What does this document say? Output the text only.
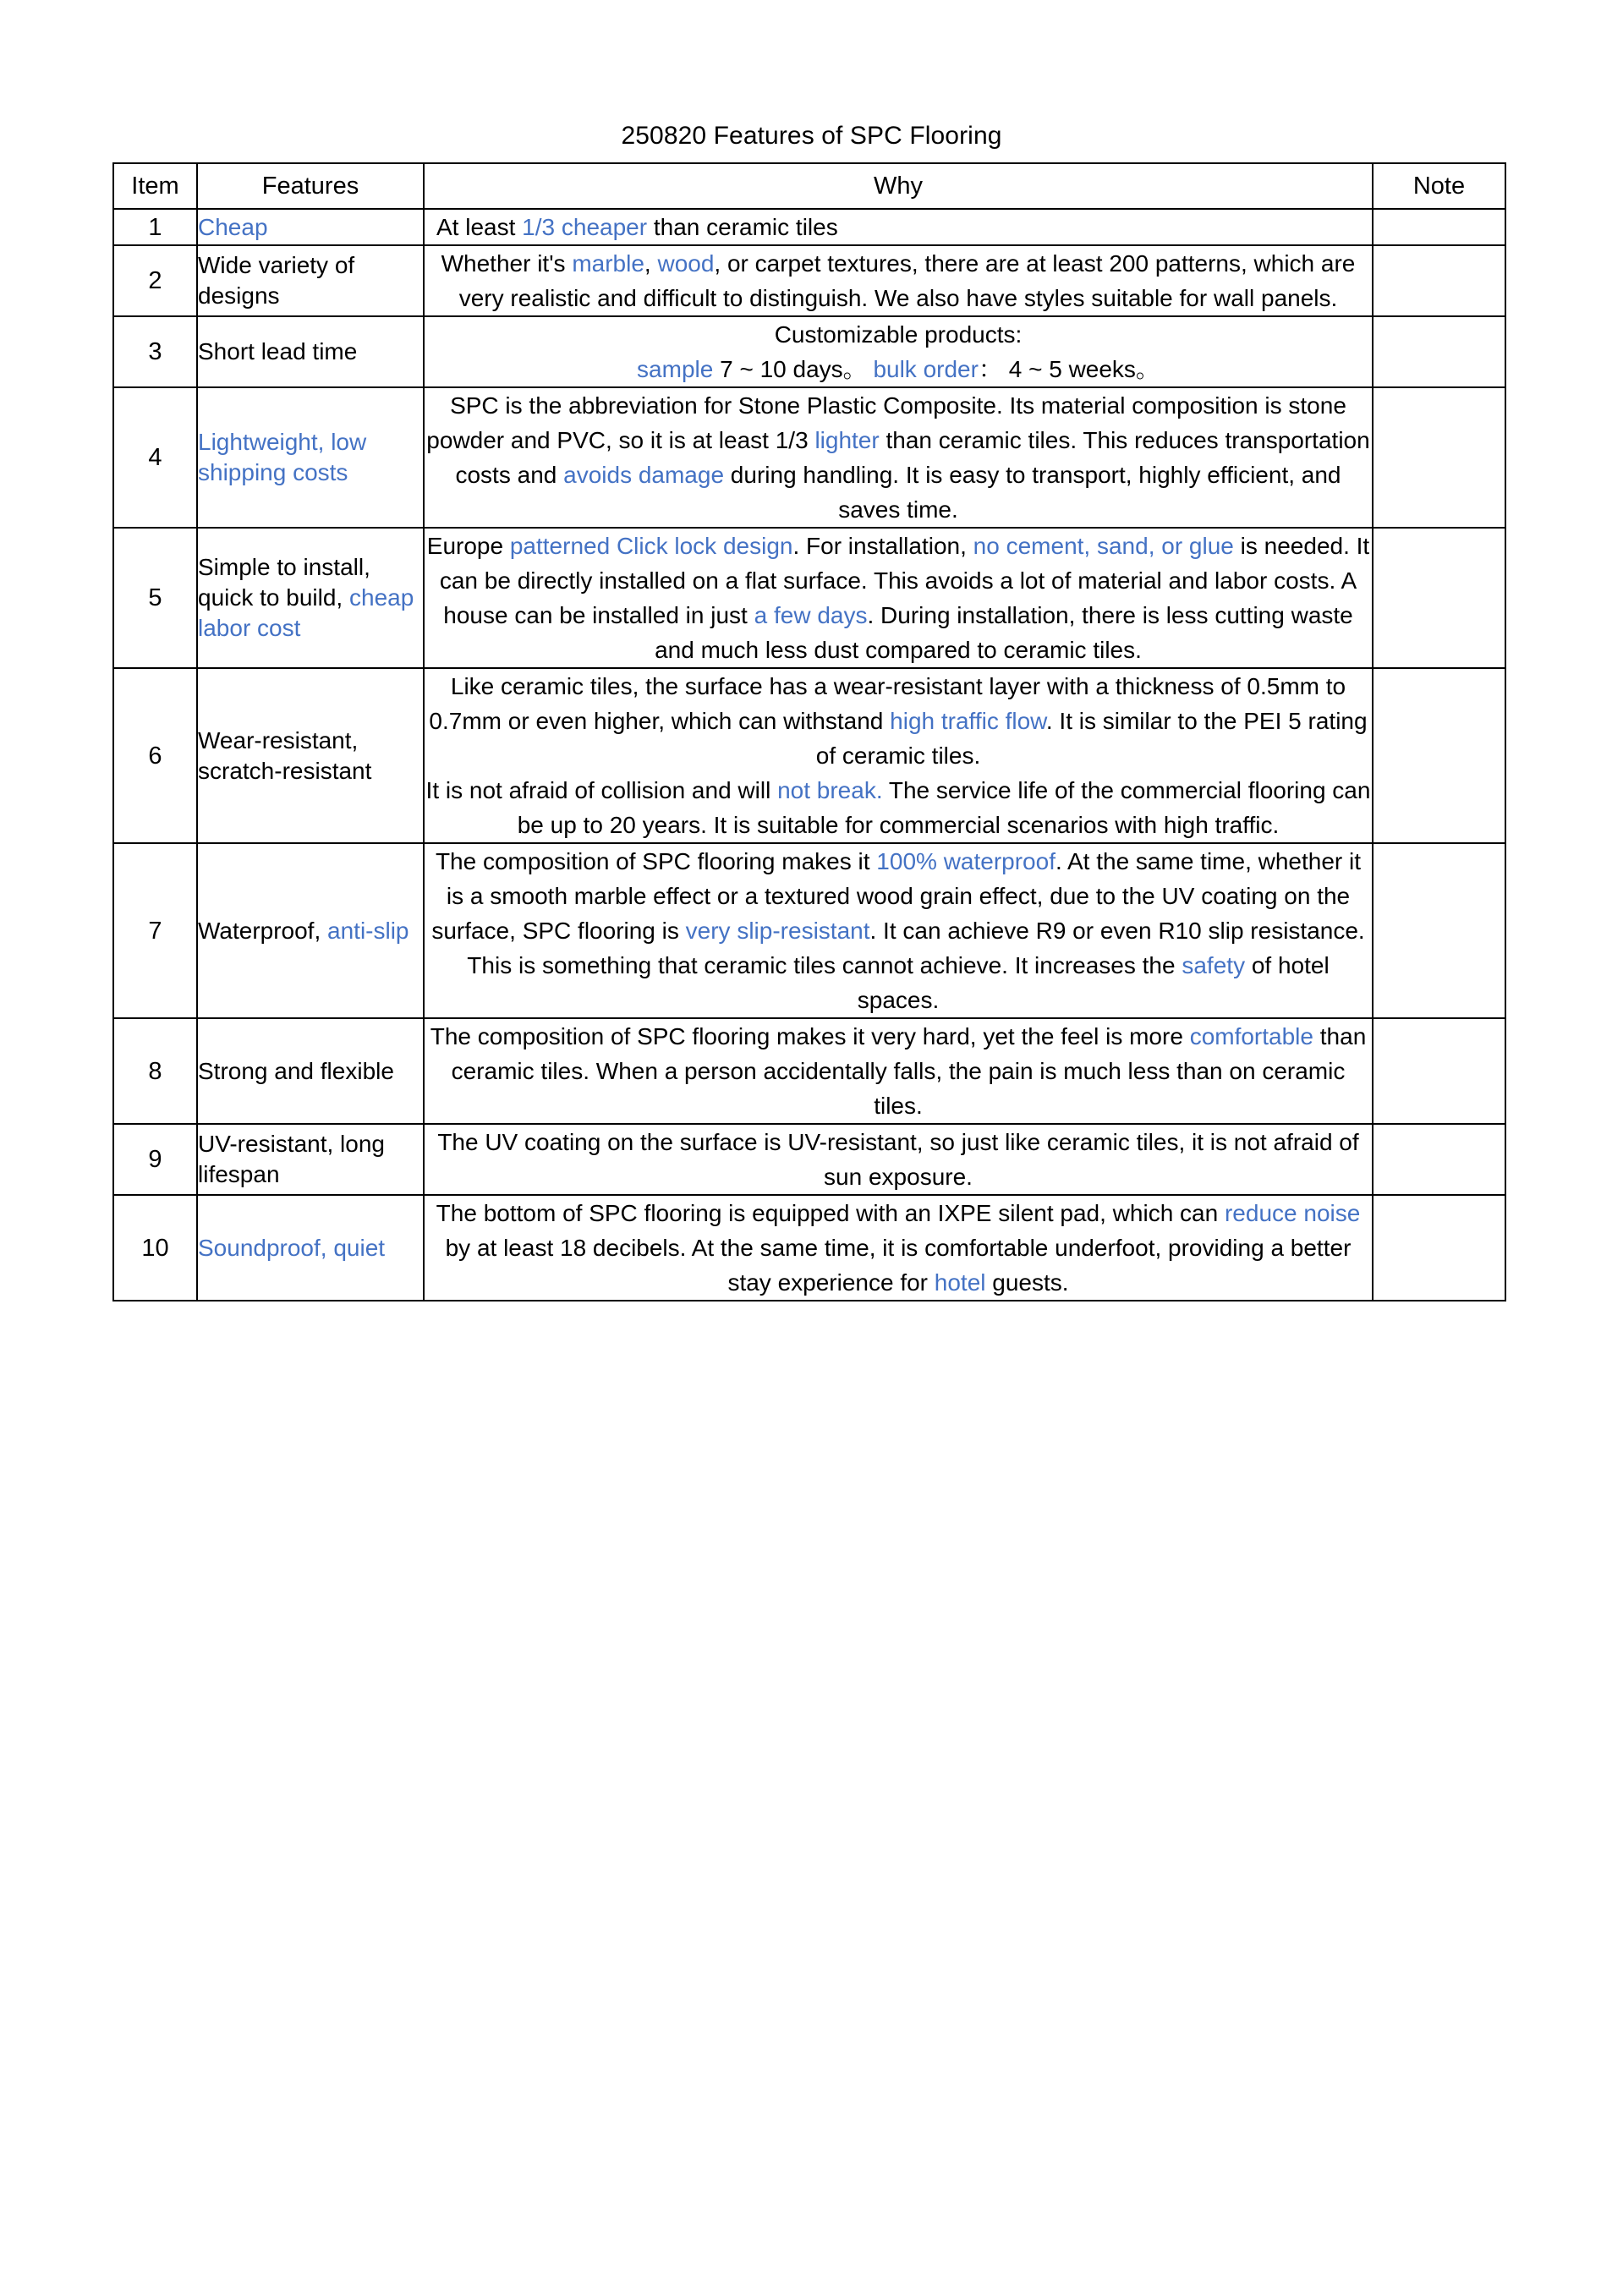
250820 Features of SPC Flooring
Item	Features	Why	Note
1	Cheap	At least 1/3 cheaper than ceramic tiles	
2	Wide variety of designs	Whether it's marble, wood, or carpet textures, there are at least 200 patterns, which are very realistic and difficult to distinguish. We also have styles suitable for wall panels.	
3	Short lead time	Customizable products:
sample 7 ~ 10 days。 bulk order： 4 ~ 5 weeks。	

4	Lightweight, low shipping costs	SPC is the abbreviation for Stone Plastic Composite. Its material composition is stone powder and PVC, so it is at least 1/3 lighter than ceramic tiles. This reduces transportation costs and avoids damage during handling. It is easy to transport, highly efficient, and saves time.	
5	Simple to install, quick to build, cheap labor cost	Europe patterned Click lock design. For installation, no cement, sand, or glue is needed. It can be directly installed on a flat surface. This avoids a lot of material and labor costs. A house can be installed in just a few days. During installation, there is less cutting waste and much less dust compared to ceramic tiles.	
6	Wear-resistant, scratch-resistant	Like ceramic tiles, the surface has a wear-resistant layer with a thickness of 0.5mm to 0.7mm or even higher, which can withstand high traffic flow. It is similar to the PEI 5 rating of ceramic tiles.
It is not afraid of collision and will not break. The service life of the commercial flooring can be up to 20 years. It is suitable for commercial scenarios with high traffic.	

7	Waterproof, anti-slip	The composition of SPC flooring makes it 100% waterproof. At the same time, whether it is a smooth marble effect or a textured wood grain effect, due to the UV coating on the surface, SPC flooring is very slip-resistant. It can achieve R9 or even R10 slip resistance. This is something that ceramic tiles cannot achieve. It increases the safety of hotel spaces.	
8	Strong and flexible	The composition of SPC flooring makes it very hard, yet the feel is more comfortable than ceramic tiles. When a person accidentally falls, the pain is much less than on ceramic tiles.	
9	UV-resistant, long lifespan	The UV coating on the surface is UV-resistant, so just like ceramic tiles, it is not afraid of sun exposure.	
10	Soundproof, quiet	The bottom of SPC flooring is equipped with an IXPE silent pad, which can reduce noise by at least 18 decibels. At the same time, it is comfortable underfoot, providing a better stay experience for hotel guests.	
